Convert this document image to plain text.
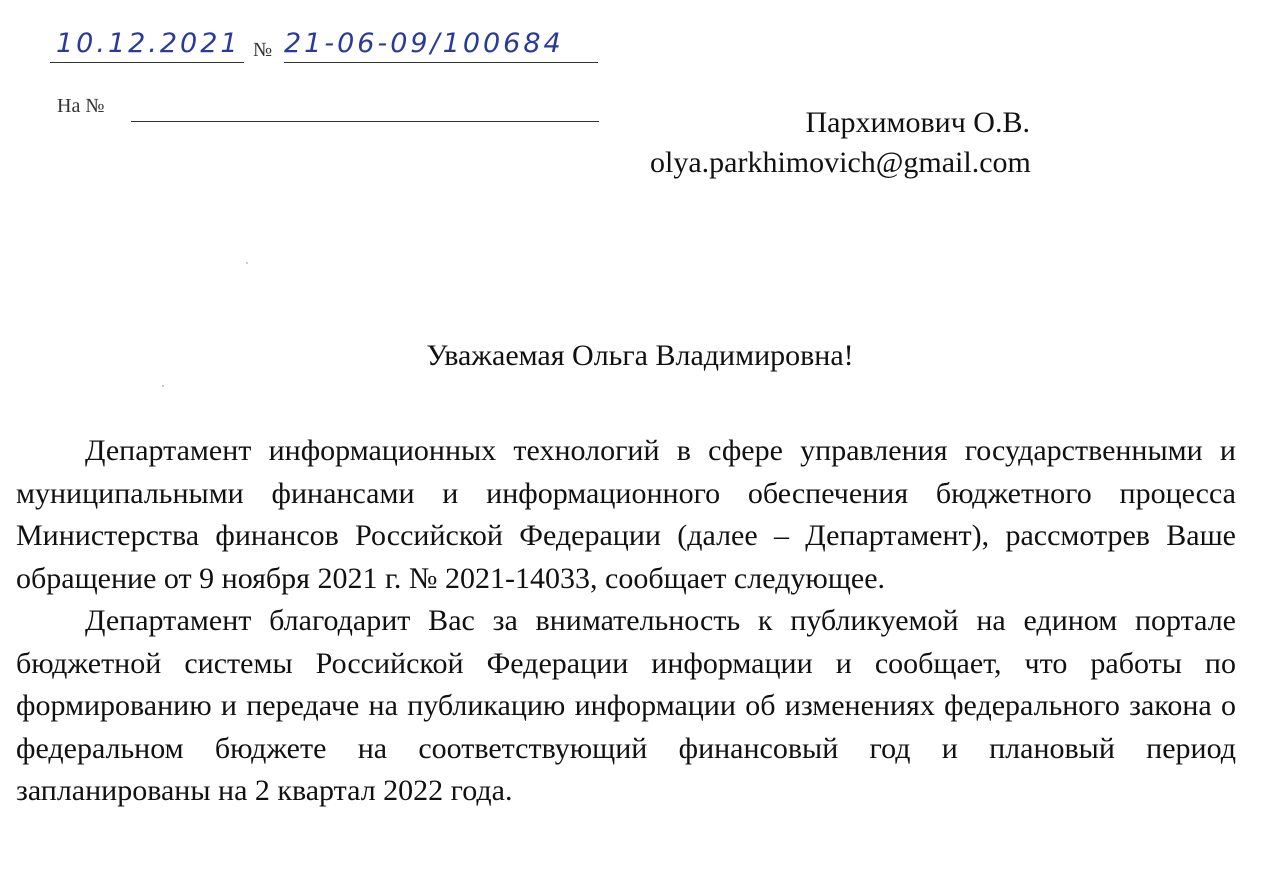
10.12.2021 № 21-06-09/100684
На №	Пархимович О.В.
olya.parkhimovich@gmail.com
Уважаемая Ольга Владимировна!

Департамент информационных технологий в сфере управления государственными и муниципальными финансами и информационного обеспечения бюджетного процесса Министерства финансов Российской Федерации (далее – Департамент), рассмотрев Ваше обращение от 9 ноября 2021 г. № 2021-14033, сообщает следующее.

Департамент благодарит Вас за внимательность к публикуемой на едином портале бюджетной системы Российской Федерации информации и сообщает, что работы по формированию и передаче на публикацию информации об изменениях федерального закона о федеральном бюджете на соответствующий финансовый год и плановый период запланированы на 2 квартал 2022 года.
